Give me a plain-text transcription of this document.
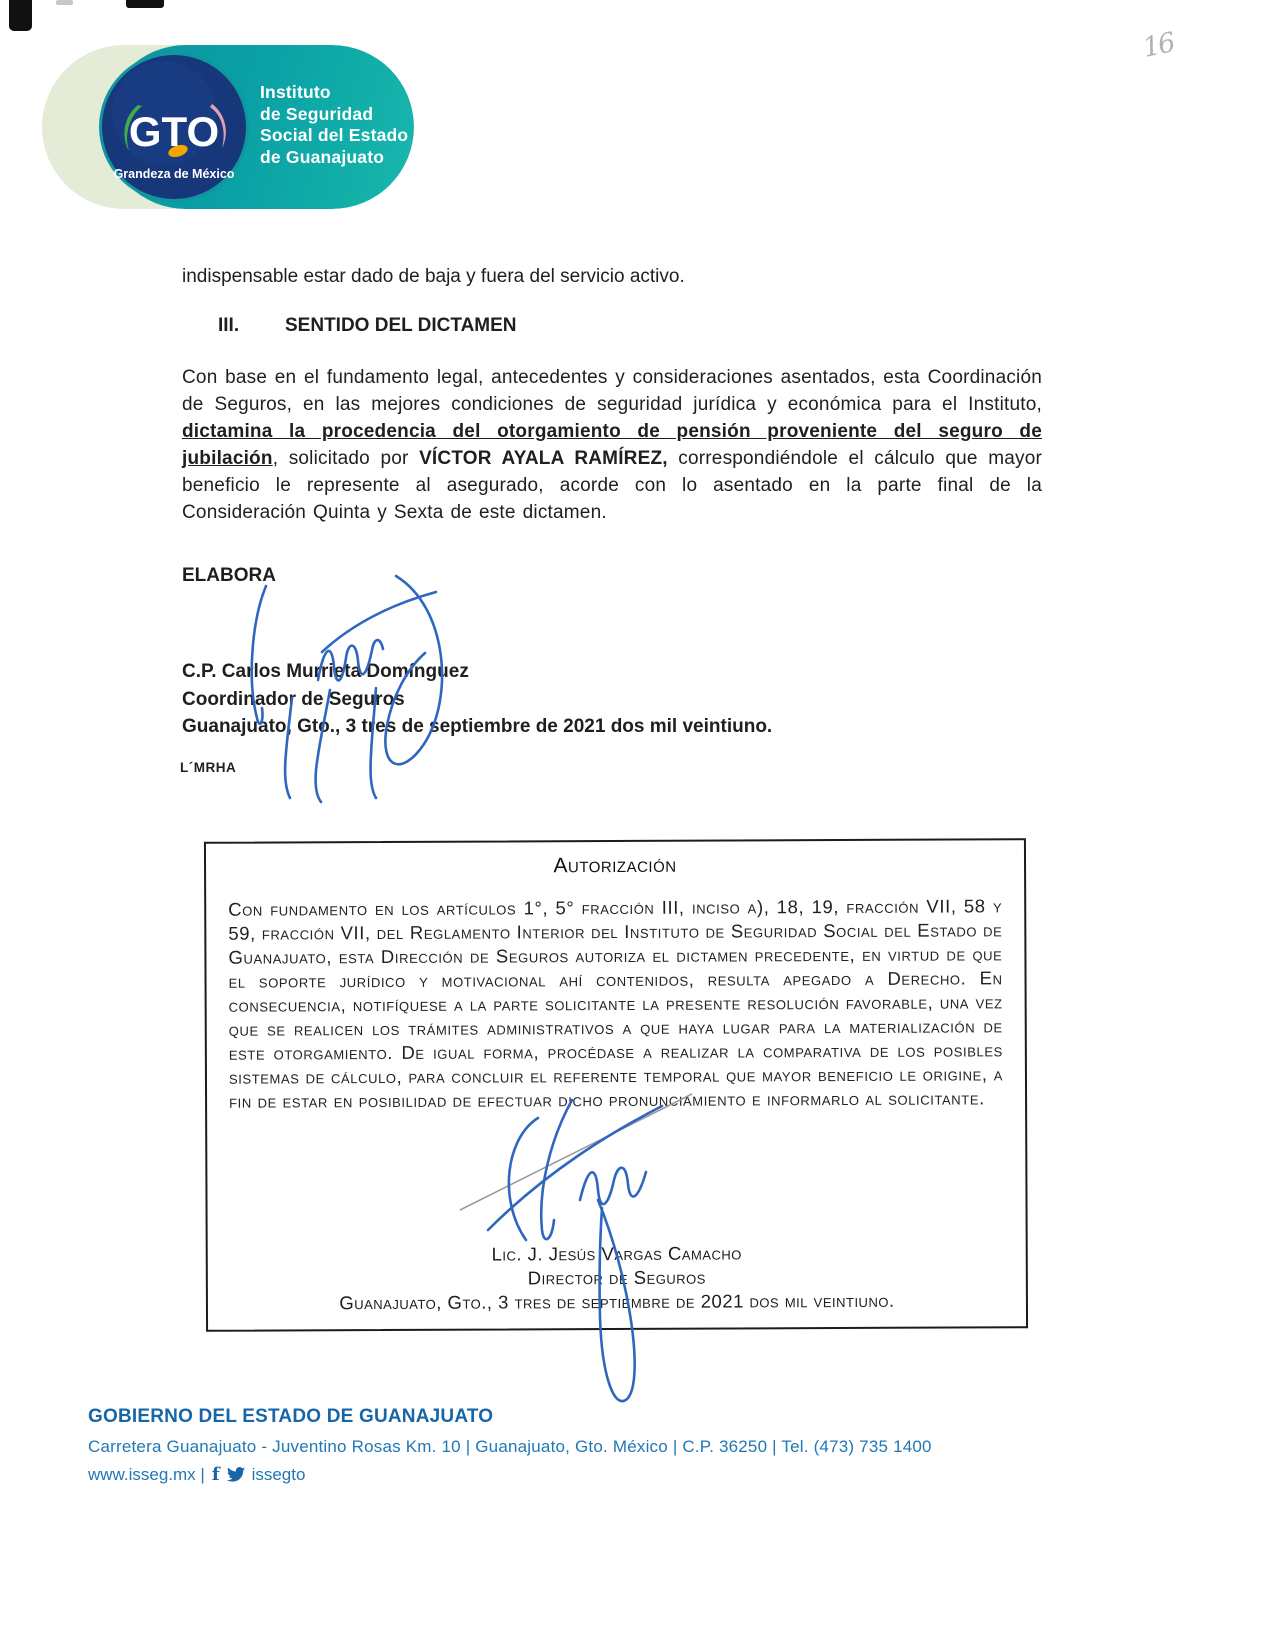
GTO
Grandeza de México
Instituto
de Seguridad
Social del Estado
de Guanajuato
16
indispensable estar dado de baja y fuera del servicio activo.
III. SENTIDO DEL DICTAMEN
Con base en el fundamento legal, antecedentes y consideraciones asentados, esta Coordinación de Seguros, en las mejores condiciones de seguridad jurídica y económica para el Instituto, dictamina la procedencia del otorgamiento de pensión proveniente del seguro de jubilación, solicitado por VÍCTOR AYALA RAMÍREZ, correspondiéndole el cálculo que mayor beneficio le represente al asegurado, acorde con lo asentado en la parte final de la Consideración Quinta y Sexta de este dictamen.
ELABORA
C.P. Carlos Murrieta Domínguez
Coordinador de Seguros
Guanajuato, Gto., 3 tres de septiembre de 2021 dos mil veintiuno.
L´MRHA
Autorización
Con fundamento en los artículos 1°, 5° fracción III, inciso a), 18, 19, fracción VII, 58 y 59, fracción VII, del Reglamento Interior del Instituto de Seguridad Social del Estado de Guanajuato, esta Dirección de Seguros autoriza el dictamen precedente, en virtud de que el soporte jurídico y motivacional ahí contenidos, resulta apegado a Derecho. En consecuencia, notifíquese a la parte solicitante la presente resolución favorable, una vez que se realicen los trámites administrativos a que haya lugar para la materialización de este otorgamiento. De igual forma, procédase a realizar la comparativa de los posibles sistemas de cálculo, para concluir el referente temporal que mayor beneficio le origine, a fin de estar en posibilidad de efectuar dicho pronunciamiento e informarlo al solicitante.
Lic. J. Jesús Vargas Camacho
Director de Seguros
Guanajuato, Gto., 3 tres de septiembre de 2021 dos mil veintiuno.
GOBIERNO DEL ESTADO DE GUANAJUATO
Carretera Guanajuato - Juventino Rosas Km. 10 | Guanajuato, Gto. México | C.P. 36250 | Tel. (473) 735 1400
www.isseg.mx | f issegto
